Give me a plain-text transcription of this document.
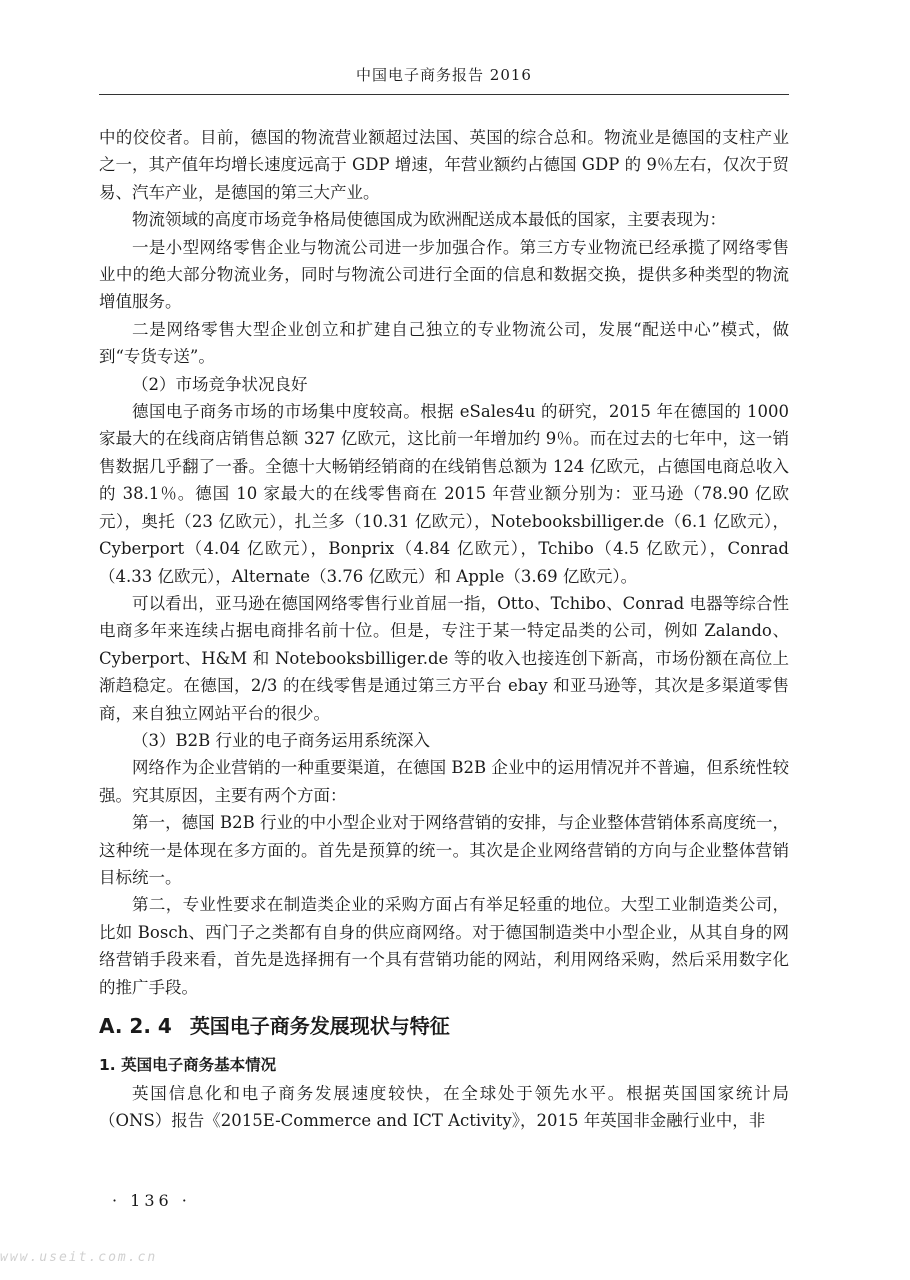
中国电子商务报告 2016

中的佼佼者。目前，德国的物流营业额超过法国、英国的综合总和。物流业是德国的支柱产业之一，其产值年均增长速度远高于 GDP 增速，年营业额约占德国 GDP 的 9％左右，仅次于贸易、汽车产业，是德国的第三大产业。

物流领域的高度市场竞争格局使德国成为欧洲配送成本最低的国家，主要表现为：

一是小型网络零售企业与物流公司进一步加强合作。第三方专业物流已经承揽了网络零售业中的绝大部分物流业务，同时与物流公司进行全面的信息和数据交换，提供多种类型的物流增值服务。

二是网络零售大型企业创立和扩建自己独立的专业物流公司，发展“配送中心”模式，做到“专货专送”。

（2）市场竞争状况良好

德国电子商务市场的市场集中度较高。根据 eSales4u 的研究，2015 年在德国的 1000 家最大的在线商店销售总额 327 亿欧元，这比前一年增加约 9％。而在过去的七年中，这一销售数据几乎翻了一番。全德十大畅销经销商的在线销售总额为 124 亿欧元，占德国电商总收入的 38.1％。德国 10 家最大的在线零售商在 2015 年营业额分别为：亚马逊（78.90 亿欧元），奥托（23 亿欧元），扎兰多（10.31 亿欧元），Notebooksbilliger.de（6.1 亿欧元），Cyberport（4.04 亿欧元），Bonprix（4.84 亿欧元），Tchibo（4.5 亿欧元），Conrad（4.33 亿欧元），Alternate（3.76 亿欧元）和 Apple（3.69 亿欧元）。

可以看出，亚马逊在德国网络零售行业首屈一指，Otto、Tchibo、Conrad 电器等综合性电商多年来连续占据电商排名前十位。但是，专注于某一特定品类的公司，例如 Zalando、Cyberport、H&M 和 Notebooksbilliger.de 等的收入也接连创下新高，市场份额在高位上渐趋稳定。在德国，2/3 的在线零售是通过第三方平台 ebay 和亚马逊等，其次是多渠道零售商，来自独立网站平台的很少。

（3）B2B 行业的电子商务运用系统深入

网络作为企业营销的一种重要渠道，在德国 B2B 企业中的运用情况并不普遍，但系统性较强。究其原因，主要有两个方面：

第一，德国 B2B 行业的中小型企业对于网络营销的安排，与企业整体营销体系高度统一，这种统一是体现在多方面的。首先是预算的统一。其次是企业网络营销的方向与企业整体营销目标统一。

第二，专业性要求在制造类企业的采购方面占有举足轻重的地位。大型工业制造类公司，比如 Bosch、西门子之类都有自身的供应商网络。对于德国制造类中小型企业，从其自身的网络营销手段来看，首先是选择拥有一个具有营销功能的网站，利用网络采购，然后采用数字化的推广手段。

A. 2. 4 英国电子商务发展现状与特征
1. 英国电子商务基本情况

英国信息化和电子商务发展速度较快，在全球处于领先水平。根据英国国家统计局（ONS）报告《2015E-Commerce and ICT Activity》，2015 年英国非金融行业中，非

· 136 ·
www.useit.com.cn
